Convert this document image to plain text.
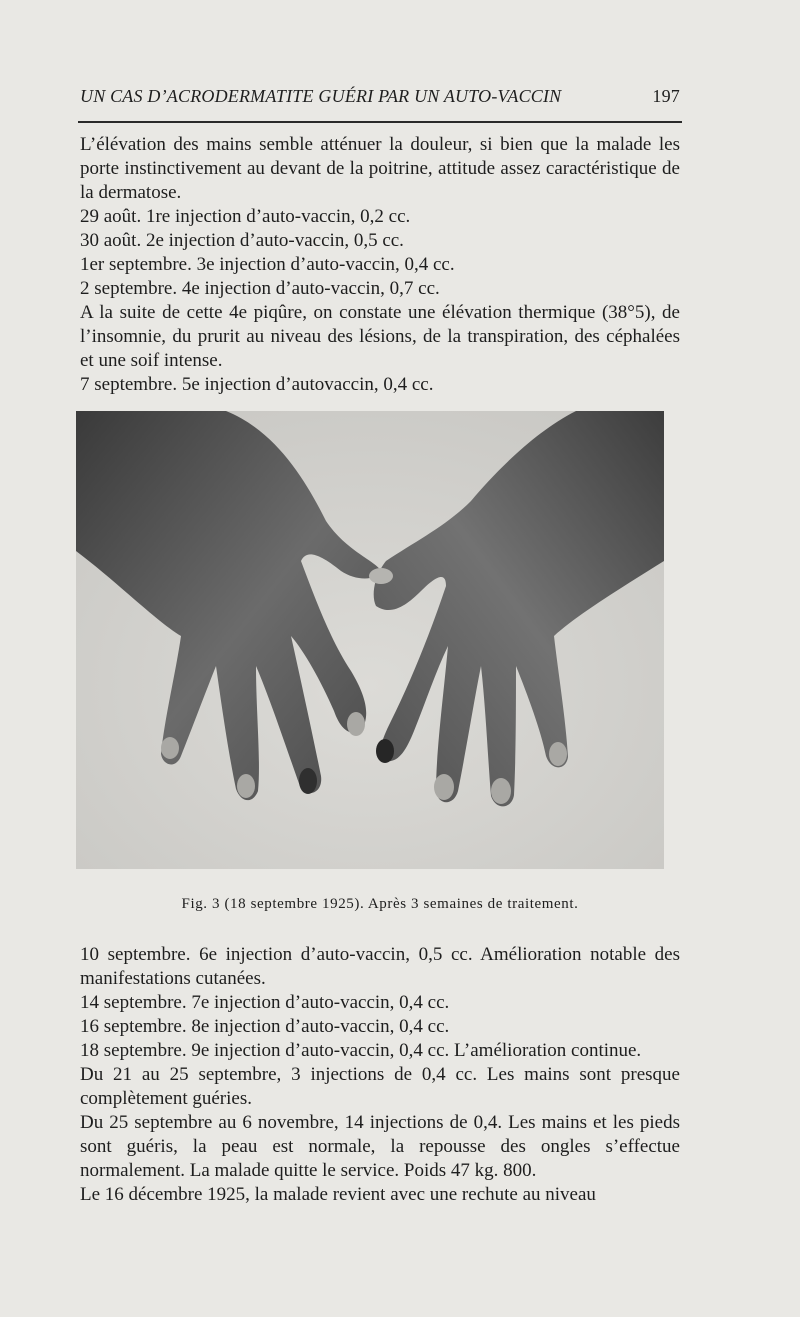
UN CAS D’ACRODERMATITE GUÉRI PAR UN AUTO-VACCIN	197

L’élévation des mains semble atténuer la douleur, si bien que la malade les porte instinctivement au devant de la poitrine, attitude assez caractéristique de la dermatose.

29 août. 1re injection d’auto-vaccin, 0,2 cc.

30 août. 2e injection d’auto-vaccin, 0,5 cc.

1er septembre. 3e injection d’auto-vaccin, 0,4 cc.

2 septembre. 4e injection d’auto-vaccin, 0,7 cc.

A la suite de cette 4e piqûre, on constate une élévation thermique (38°5), de l’insomnie, du prurit au niveau des lésions, de la transpiration, des céphalées et une soif intense.

7 septembre. 5e injection d’autovaccin, 0,4 cc.

Fig. 3 (18 septembre 1925). Après 3 semaines de traitement.

10 septembre. 6e injection d’auto-vaccin, 0,5 cc. Amélioration notable des manifestations cutanées.

14 septembre. 7e injection d’auto-vaccin, 0,4 cc.

16 septembre. 8e injection d’auto-vaccin, 0,4 cc.

18 septembre. 9e injection d’auto-vaccin, 0,4 cc. L’amélioration continue.

Du 21 au 25 septembre, 3 injections de 0,4 cc. Les mains sont presque complètement guéries.

Du 25 septembre au 6 novembre, 14 injections de 0,4. Les mains et les pieds sont guéris, la peau est normale, la repousse des ongles s’effectue normalement. La malade quitte le service. Poids 47 kg. 800.

Le 16 décembre 1925, la malade revient avec une rechute au niveau
